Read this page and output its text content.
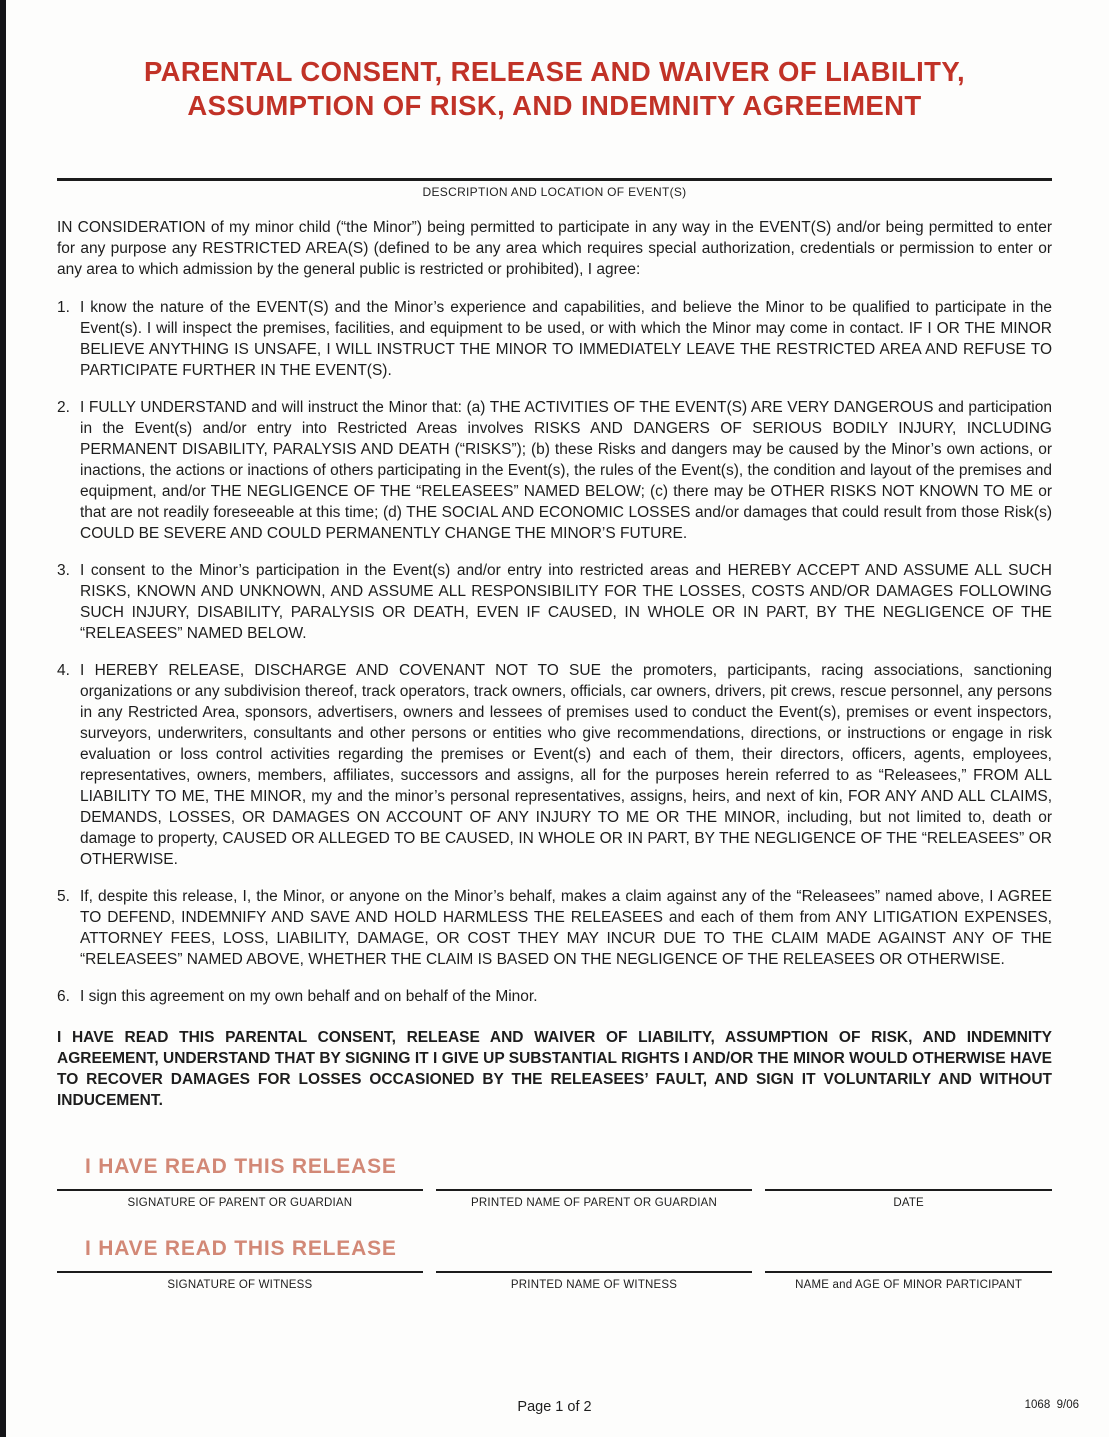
PARENTAL CONSENT, RELEASE AND WAIVER OF LIABILITY,
ASSUMPTION OF RISK, AND INDEMNITY AGREEMENT
DESCRIPTION AND LOCATION OF EVENT(S)

IN CONSIDERATION of my minor child (“the Minor”) being permitted to participate in any way in the EVENT(S) and/or being permitted to enter for any purpose any RESTRICTED AREA(S) (defined to be any area which requires special authorization, credentials or permission to enter or any area to which admission by the general public is restricted or prohibited), I agree:

1. I know the nature of the EVENT(S) and the Minor’s experience and capabilities, and believe the Minor to be qualified to participate in the Event(s). I will inspect the premises, facilities, and equipment to be used, or with which the Minor may come in contact. IF I OR THE MINOR BELIEVE ANYTHING IS UNSAFE, I WILL INSTRUCT THE MINOR TO IMMEDIATELY LEAVE THE RESTRICTED AREA AND REFUSE TO PARTICIPATE FURTHER IN THE EVENT(S).
2. I FULLY UNDERSTAND and will instruct the Minor that: (a) THE ACTIVITIES OF THE EVENT(S) ARE VERY DANGEROUS and participation in the Event(s) and/or entry into Restricted Areas involves RISKS AND DANGERS OF SERIOUS BODILY INJURY, INCLUDING PERMANENT DISABILITY, PARALYSIS AND DEATH (“RISKS”); (b) these Risks and dangers may be caused by the Minor’s own actions, or inactions, the actions or inactions of others participating in the Event(s), the rules of the Event(s), the condition and layout of the premises and equipment, and/or THE NEGLIGENCE OF THE “RELEASEES” NAMED BELOW; (c) there may be OTHER RISKS NOT KNOWN TO ME or that are not readily foreseeable at this time; (d) THE SOCIAL AND ECONOMIC LOSSES and/or damages that could result from those Risk(s) COULD BE SEVERE AND COULD PERMANENTLY CHANGE THE MINOR’S FUTURE.
3. I consent to the Minor’s participation in the Event(s) and/or entry into restricted areas and HEREBY ACCEPT AND ASSUME ALL SUCH RISKS, KNOWN AND UNKNOWN, AND ASSUME ALL RESPONSIBILITY FOR THE LOSSES, COSTS AND/OR DAMAGES FOLLOWING SUCH INJURY, DISABILITY, PARALYSIS OR DEATH, EVEN IF CAUSED, IN WHOLE OR IN PART, BY THE NEGLIGENCE OF THE “RELEASEES” NAMED BELOW.
4. I HEREBY RELEASE, DISCHARGE AND COVENANT NOT TO SUE the promoters, participants, racing associations, sanctioning organizations or any subdivision thereof, track operators, track owners, officials, car owners, drivers, pit crews, rescue personnel, any persons in any Restricted Area, sponsors, advertisers, owners and lessees of premises used to conduct the Event(s), premises or event inspectors, surveyors, underwriters, consultants and other persons or entities who give recommendations, directions, or instructions or engage in risk evaluation or loss control activities regarding the premises or Event(s) and each of them, their directors, officers, agents, employees, representatives, owners, members, affiliates, successors and assigns, all for the purposes herein referred to as “Releasees,” FROM ALL LIABILITY TO ME, THE MINOR, my and the minor’s personal representatives, assigns, heirs, and next of kin, FOR ANY AND ALL CLAIMS, DEMANDS, LOSSES, OR DAMAGES ON ACCOUNT OF ANY INJURY TO ME OR THE MINOR, including, but not limited to, death or damage to property, CAUSED OR ALLEGED TO BE CAUSED, IN WHOLE OR IN PART, BY THE NEGLIGENCE OF THE “RELEASEES” OR OTHERWISE.
5. If, despite this release, I, the Minor, or anyone on the Minor’s behalf, makes a claim against any of the “Releasees” named above, I AGREE TO DEFEND, INDEMNIFY AND SAVE AND HOLD HARMLESS THE RELEASEES and each of them from ANY LITIGATION EXPENSES, ATTORNEY FEES, LOSS, LIABILITY, DAMAGE, OR COST THEY MAY INCUR DUE TO THE CLAIM MADE AGAINST ANY OF THE “RELEASEES” NAMED ABOVE, WHETHER THE CLAIM IS BASED ON THE NEGLIGENCE OF THE RELEASEES OR OTHERWISE.
6. I sign this agreement on my own behalf and on behalf of the Minor.

I HAVE READ THIS PARENTAL CONSENT, RELEASE AND WAIVER OF LIABILITY, ASSUMPTION OF RISK, AND INDEMNITY AGREEMENT, UNDERSTAND THAT BY SIGNING IT I GIVE UP SUBSTANTIAL RIGHTS I AND/OR THE MINOR WOULD OTHERWISE HAVE TO RECOVER DAMAGES FOR LOSSES OCCASIONED BY THE RELEASEES’ FAULT, AND SIGN IT VOLUNTARILY AND WITHOUT INDUCEMENT.

I HAVE READ THIS RELEASE
SIGNATURE OF PARENT OR GUARDIAN	PRINTED NAME OF PARENT OR GUARDIAN	DATE
I HAVE READ THIS RELEASE
SIGNATURE OF WITNESS	PRINTED NAME OF WITNESS	NAME and AGE OF MINOR PARTICIPANT
Page 1 of 2	1068  9/06
